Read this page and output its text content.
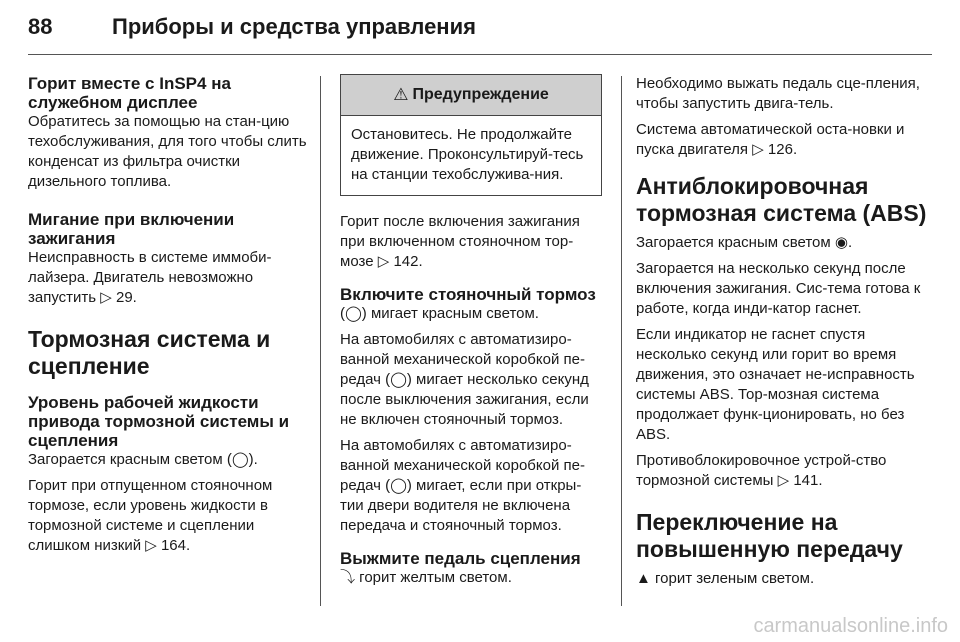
88	Приборы и средства управления
Горит вместе с InSP4 на служебном дисплее
Обратитесь за помощью на стан-цию техобслуживания, для того чтобы слить конденсат из фильтра очистки дизельного топлива.
Мигание при включении зажигания
Неисправность в системе иммоби-лайзера. Двигатель невозможно запустить ▷ 29.
Тормозная система и сцепление
Уровень рабочей жидкости привода тормозной системы и сцепления
Загорается красным светом (◯).
Горит при отпущенном стояночном тормозе, если уровень жидкости в тормозной системе и сцеплении слишком низкий ▷ 164.
⚠ Предупреждение
Остановитесь. Не продолжайте движение. Проконсультируй-тесь на станции техобслужива-ния.
Горит после включения зажигания при включенном стояночном тор-мозе ▷ 142.
Включите стояночный тормоз
(◯) мигает красным светом.
На автомобилях с автоматизиро-ванной механической коробкой пе-редач (◯) мигает несколько секунд после выключения зажигания, если не включен стояночный тормоз.
На автомобилях с автоматизиро-ванной механической коробкой пе-редач (◯) мигает, если при откры-тии двери водителя не включена передача и стояночный тормоз.
Выжмите педаль сцепления
⤵ горит желтым светом.
Необходимо выжать педаль сце-пления, чтобы запустить двига-тель.
Система автоматической оста-новки и пуска двигателя ▷ 126.
Антиблокировочная тормозная система (ABS)
Загорается красным светом ◉.
Загорается на несколько секунд после включения зажигания. Сис-тема готова к работе, когда инди-катор гаснет.
Если индикатор не гаснет спустя несколько секунд или горит во время движения, это означает не-исправность системы ABS. Тор-мозная система продолжает функ-ционировать, но без ABS.
Противоблокировочное устрой-ство тормозной системы ▷ 141.
Переключение на повышенную передачу
▲ горит зеленым светом.
carmanualsonline.info
